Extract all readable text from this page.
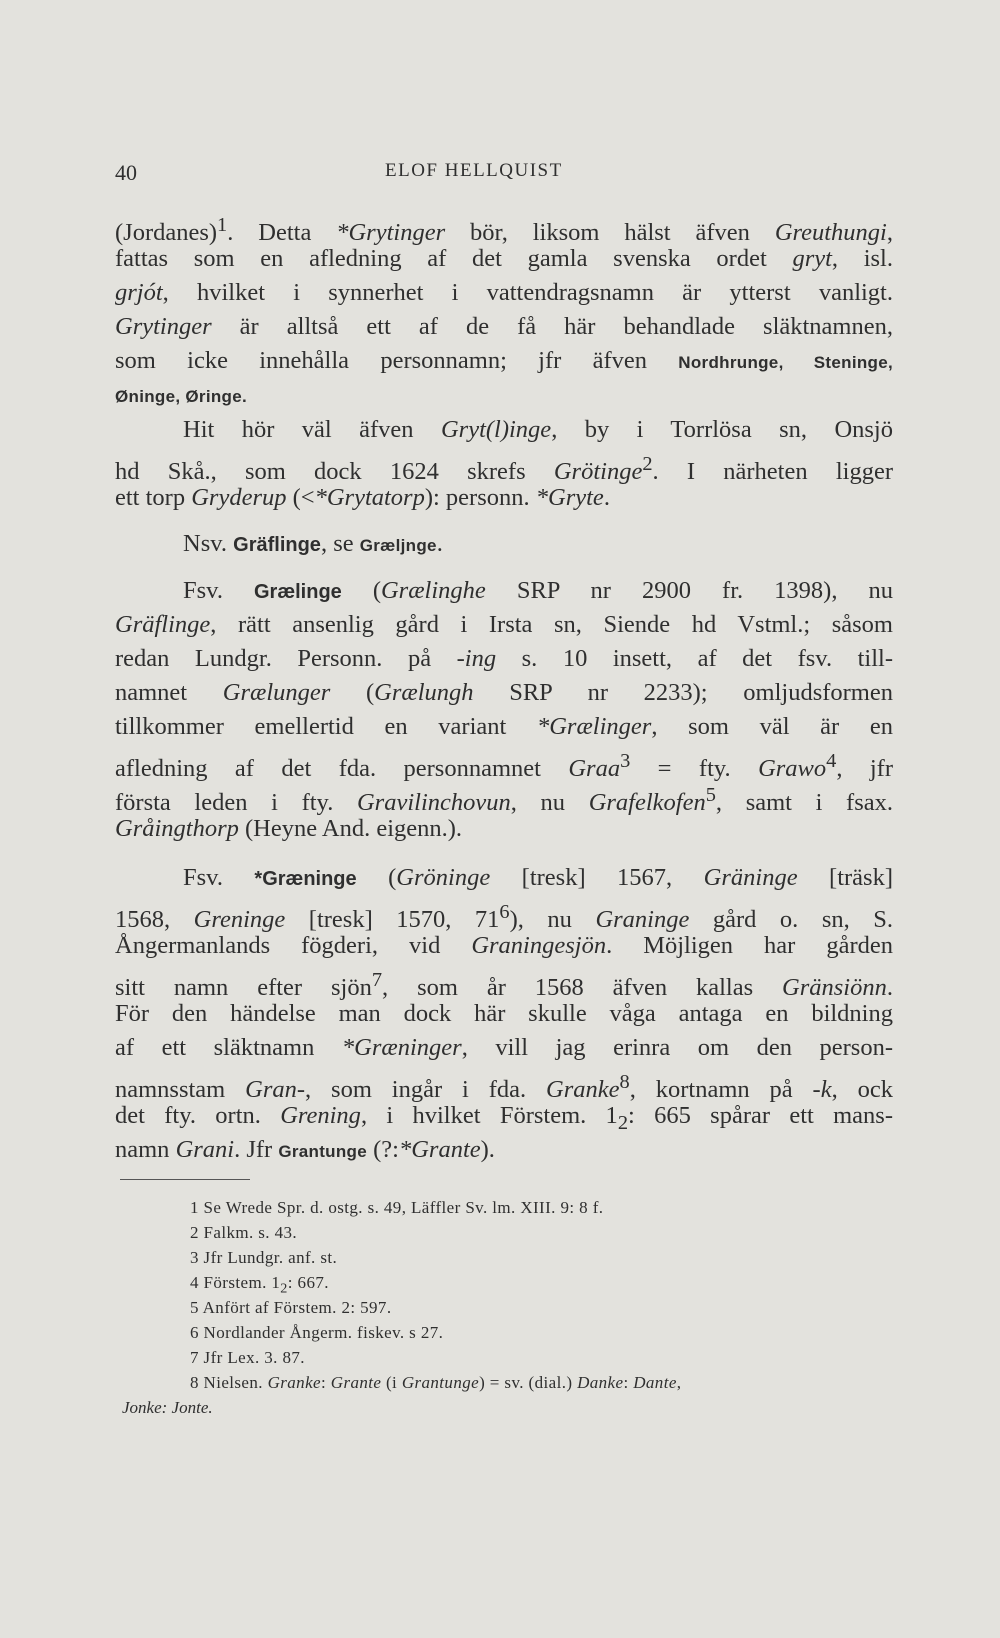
40	ELOF HELLQUIST
(Jordanes)$^1$. Detta *Grytinger bör, liksom hälst äfven Greuthungi,
fattas som en afledning af det gamla svenska ordet gryt, isl.
grjót, hvilket i synnerhet i vattendragsnamn är ytterst vanligt.
Grytinger är alltså ett af de få här behandlade släktnamnen,
som icke innehålla personnamn; jfr äfven Nordhrunge, Steninge,
Øninge, Øringe.
Hit hör väl äfven Gryt(l)inge, by i Torrlösa sn, Onsjö
hd Skå., som dock 1624 skrefs Grötinge$^2$. I närheten ligger
ett torp Gryderup (<*Grytatorp): personn. *Gryte.
Nsv. Gräflinge, se Græljnge.
Fsv. Grælinge (Grælinghe SRP nr 2900 fr. 1398), nu
Gräflinge, rätt ansenlig gård i Irsta sn, Siende hd Vstml.; såsom
redan Lundgr. Personn. på -ing s. 10 insett, af det fsv. till-
namnet Grælunger (Grælungh SRP nr 2233); omljudsformen
tillkommer emellertid en variant *Grælinger, som väl är en
afledning af det fda. personnamnet Graa$^3$ = fty. Grawo$^4$, jfr
första leden i fty. Gravilinchovun, nu Grafelkofen$^5$, samt i fsax.
Gråingthorp (Heyne And. eigenn.).
Fsv. *Græninge (Gröninge [tresk] 1567, Gräninge [träsk]
1568, Greninge [tresk] 1570, $71^6$), nu Graninge gård o. sn, S.
Ångermanlands fögderi, vid Graningesjön. Möjligen har gården
sitt namn efter sjön$^7$, som år 1568 äfven kallas Gränsiönn.
För den händelse man dock här skulle våga antaga en bildning
af ett släktnamn *Græninger, vill jag erinra om den person-
namnsstam Gran-, som ingår i fda. Granke$^8$, kortnamn på -k, ock
det fty. ortn. Grening, i hvilket Förstem. $1_2$: 665 spårar ett mans-
namn Grani. Jfr Grantunge (?:*Grante).
1 Se Wrede Spr. d. ostg. s. 49, Läffler Sv. lm. XIII. 9: 8 f.
2 Falkm. s. 43.
3 Jfr Lundgr. anf. st.
4 Förstem. $1_2$: 667.
5 Anfört af Förstem. 2: 597.
6 Nordlander Ångerm. fiskev. s 27.
7 Jfr Lex. 3. 87.
8 Nielsen. Granke: Grante (i Grantunge) = sv. (dial.) Danke: Dante,
Jonke: Jonte.
